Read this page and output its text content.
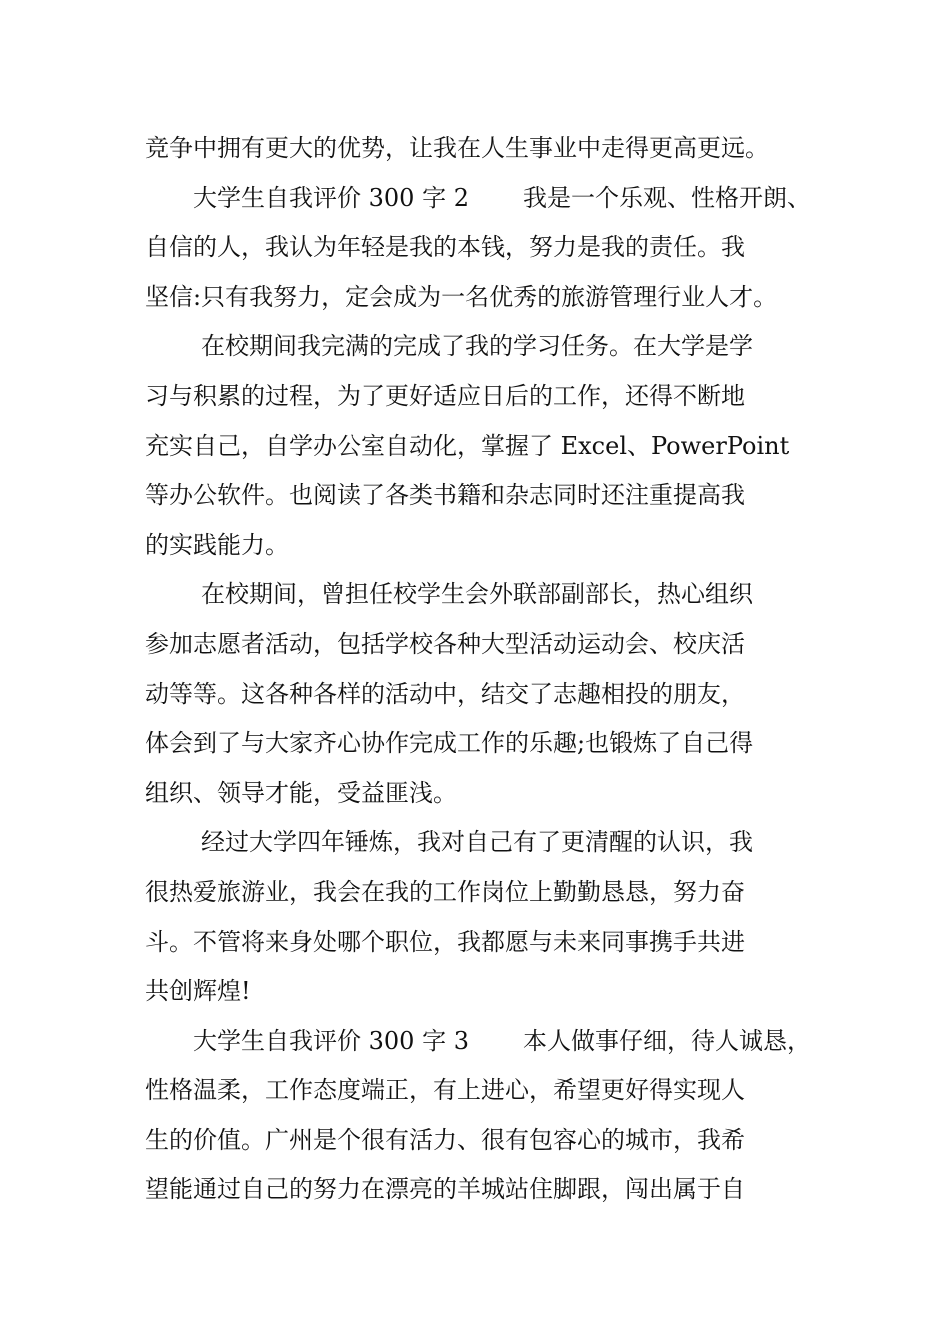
竞争中拥有更大的优势，让我在人生事业中走得更高更远。

大学生自我评价 300 字 2 我是一个乐观、性格开朗、
自信的人，我认为年轻是我的本钱，努力是我的责任。我
坚信:只有我努力，定会成为一名优秀的旅游管理行业人才。

在校期间我完满的完成了我的学习任务。在大学是学
习与积累的过程，为了更好适应日后的工作，还得不断地
充实自己，自学办公室自动化，掌握了 Excel、PowerPoint
等办公软件。也阅读了各类书籍和杂志同时还注重提高我
的实践能力。

在校期间，曾担任校学生会外联部副部长，热心组织
参加志愿者活动，包括学校各种大型活动运动会、校庆活
动等等。这各种各样的活动中，结交了志趣相投的朋友，
体会到了与大家齐心协作完成工作的乐趣;也锻炼了自己得
组织、领导才能，受益匪浅。

经过大学四年锤炼，我对自己有了更清醒的认识，我
很热爱旅游业，我会在我的工作岗位上勤勤恳恳，努力奋
斗。不管将来身处哪个职位，我都愿与未来同事携手共进
共创辉煌!

大学生自我评价 300 字 3 本人做事仔细，待人诚恳，
性格温柔，工作态度端正，有上进心，希望更好得实现人
生的价值。广州是个很有活力、很有包容心的城市，我希
望能通过自己的努力在漂亮的羊城站住脚跟，闯出属于自
